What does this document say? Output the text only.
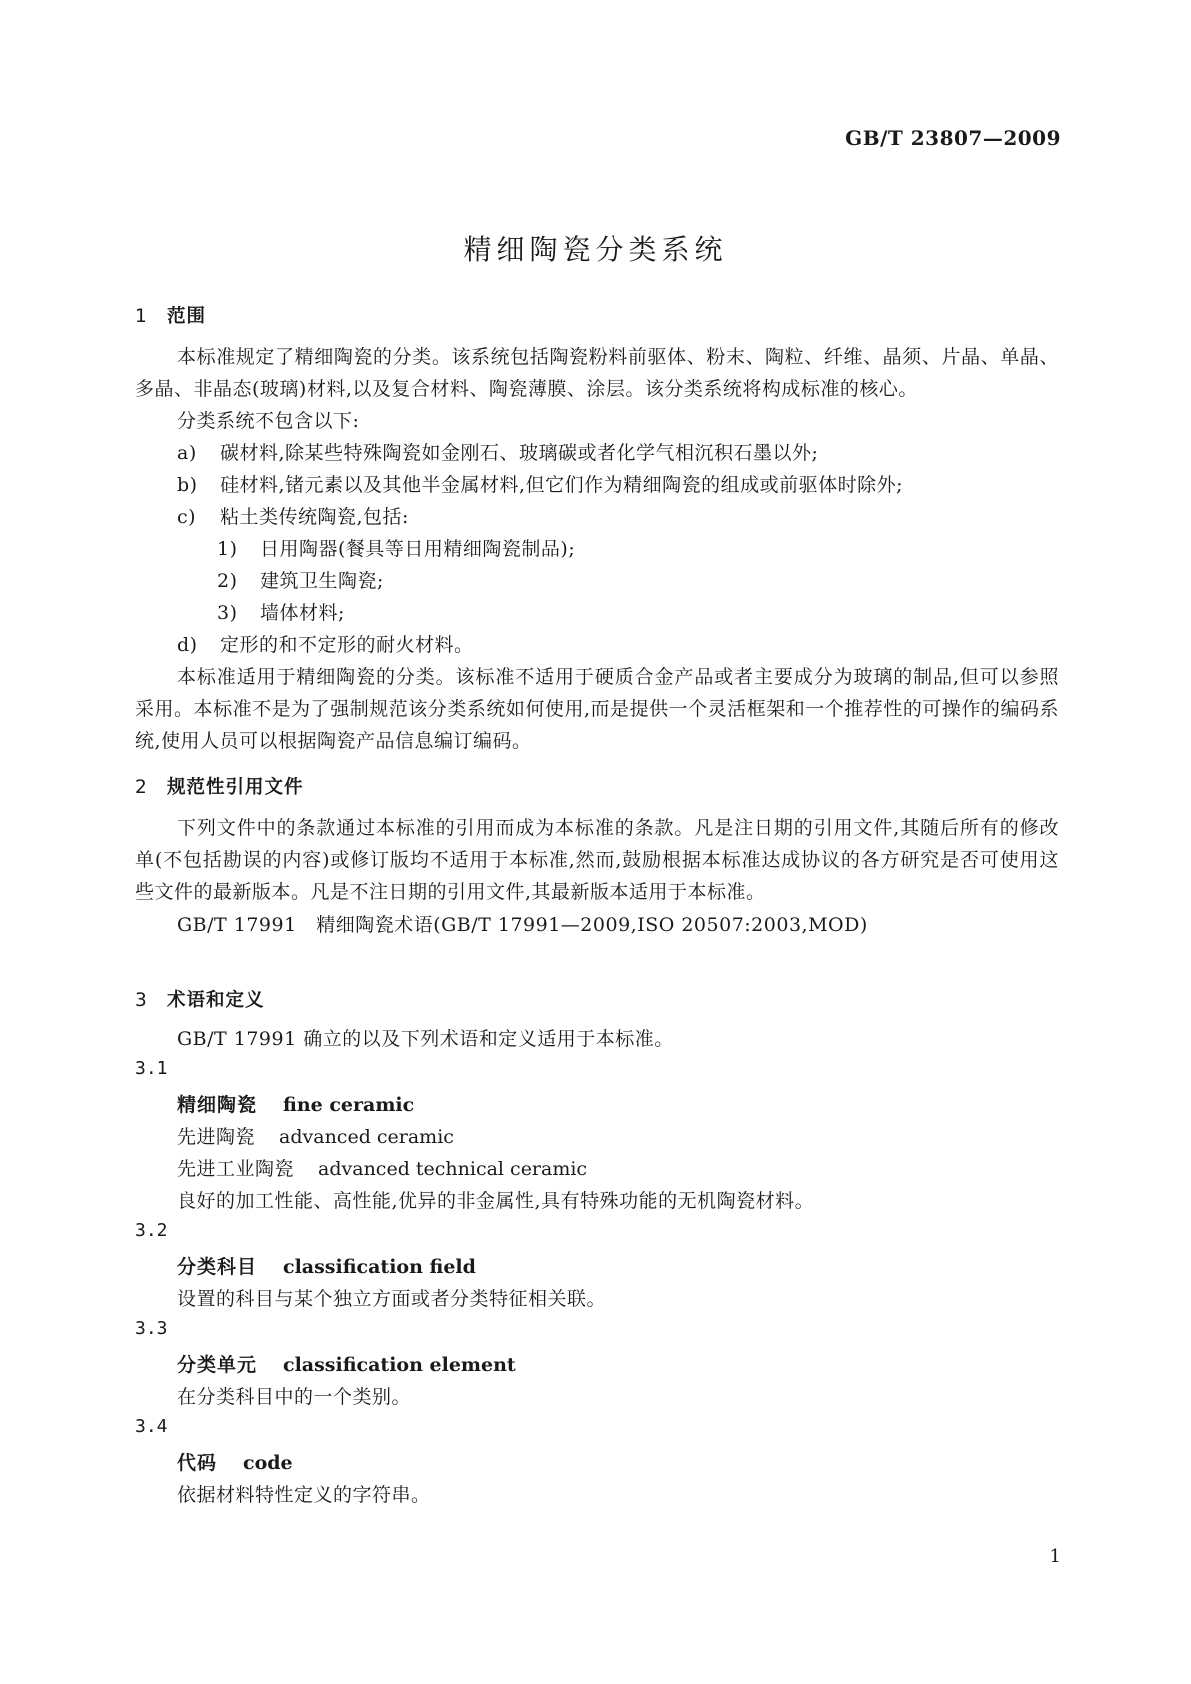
GB/T 23807—2009
精细陶瓷分类系统
1 范围
本标准规定了精细陶瓷的分类。该系统包括陶瓷粉料前驱体、粉末、陶粒、纤维、晶须、片晶、单晶、多晶、非晶态(玻璃)材料,以及复合材料、陶瓷薄膜、涂层。该分类系统将构成标准的核心。
分类系统不包含以下:
a) 碳材料,除某些特殊陶瓷如金刚石、玻璃碳或者化学气相沉积石墨以外;
b) 硅材料,锗元素以及其他半金属材料,但它们作为精细陶瓷的组成或前驱体时除外;
c) 粘土类传统陶瓷,包括:
1) 日用陶器(餐具等日用精细陶瓷制品);
2) 建筑卫生陶瓷;
3) 墙体材料;
d) 定形的和不定形的耐火材料。
本标准适用于精细陶瓷的分类。该标准不适用于硬质合金产品或者主要成分为玻璃的制品,但可以参照采用。本标准不是为了强制规范该分类系统如何使用,而是提供一个灵活框架和一个推荐性的可操作的编码系统,使用人员可以根据陶瓷产品信息编订编码。
2 规范性引用文件
下列文件中的条款通过本标准的引用而成为本标准的条款。凡是注日期的引用文件,其随后所有的修改单(不包括勘误的内容)或修订版均不适用于本标准,然而,鼓励根据本标准达成协议的各方研究是否可使用这些文件的最新版本。凡是不注日期的引用文件,其最新版本适用于本标准。
GB/T 17991　精细陶瓷术语(GB/T 17991—2009,ISO 20507:2003,MOD)
3 术语和定义
GB/T 17991 确立的以及下列术语和定义适用于本标准。
3.1
精细陶瓷 fine ceramic
先进陶瓷 advanced ceramic
先进工业陶瓷 advanced technical ceramic
良好的加工性能、高性能,优异的非金属性,具有特殊功能的无机陶瓷材料。
3.2
分类科目 classification field
设置的科目与某个独立方面或者分类特征相关联。
3.3
分类单元 classification element
在分类科目中的一个类别。
3.4
代码 code
依据材料特性定义的字符串。
1
